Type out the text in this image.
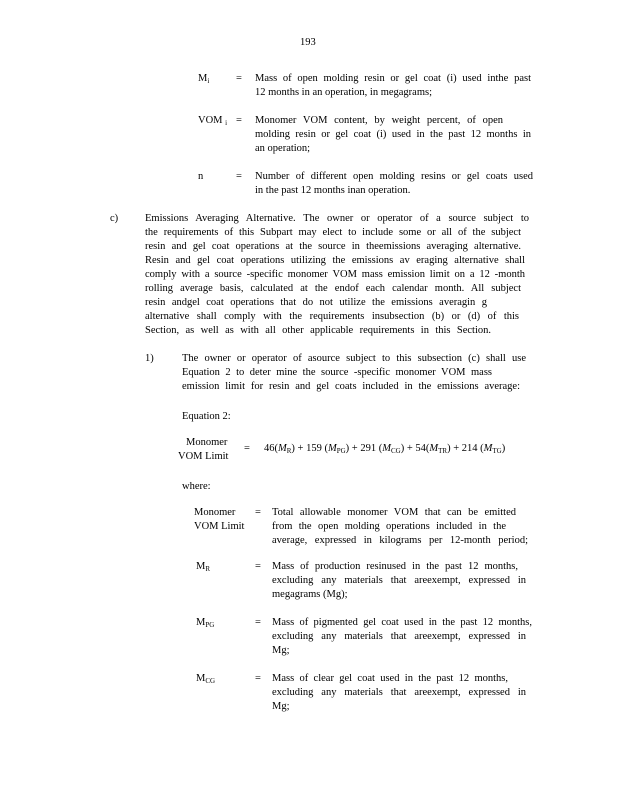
193
$M_i$	= Mass of open molding resin or gel coat (i) used inthe past
12 months in an operation, in megagrams;
VOM $_i$ = Monomer VOM content, by weight percent, of open
molding resin or gel coat (i) used in the past 12 months in
an operation;
n	= Number of different open molding resins or gel coats used
in the past 12 months inan operation.
c)	Emissions Averaging Alternative. The owner or operator of a source subject to
the requirements of this Subpart may elect to include some or all of the subject
resin and gel coat operations at the source in theemissions averaging alternative.
Resin and gel coat operations utilizing the emissions av eraging alternative shall
comply with a source -specific monomer VOM mass emission limit on a 12 -month
rolling average basis, calculated at the endof each calendar month. All subject
resin andgel coat operations that do not utilize the emissions averagin g
alternative shall comply with the requirements insubsection (b) or (d) of this
Section, as well as with all other applicable requirements in this Section.
1)	The owner or operator of asource subject to this subsection (c) shall use
Equation 2 to deter mine the source -specific monomer VOM mass
emission limit for resin and gel coats included in the emissions average:
Equation 2:
Monomer
VOM Limit
= $46(M_R) + 159$ $(M_{PG}) + 291$ $(M_{CG}) + 54(M_{TR}) + 214$ $(M_{TG})$
where:
Monomer
VOM Limit
= Total allowable monomer VOM that can be emitted
from the open molding operations included in the
average, expressed in kilograms per 12-month period;
$M_R$	= Mass of production resinused in the past 12 months,
excluding any materials that areexempt, expressed in
megagrams (Mg);
$M_{PG}$	= Mass of pigmented gel coat used in the past 12 months,
excluding any materials that areexempt, expressed in
Mg;
$M_{CG}$	= Mass of clear gel coat used in the past 12 months,
excluding any materials that areexempt, expressed in
Mg;
